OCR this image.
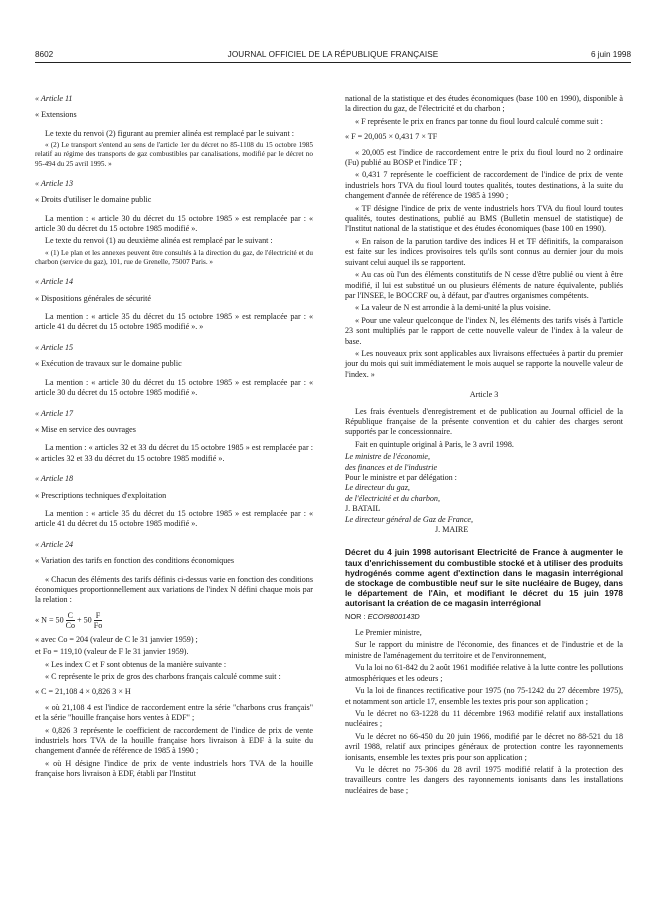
8602	JOURNAL OFFICIEL DE LA RÉPUBLIQUE FRANÇAISE	6 juin 1998

« Article 11

« Extensions

Le texte du renvoi (2) figurant au premier alinéa est remplacé par le suivant :

« (2) Le transport s'entend au sens de l'article 1er du décret no 85-1108 du 15 octobre 1985 relatif au régime des transports de gaz combustibles par canalisations, modifié par le décret no 95-494 du 25 avril 1995. »

« Article 13

« Droits d'utiliser le domaine public

La mention : « article 30 du décret du 15 octobre 1985 » est remplacée par : « article 30 du décret du 15 octobre 1985 modifié ».

Le texte du renvoi (1) au deuxième alinéa est remplacé par le suivant :

« (1) Le plan et les annexes peuvent être consultés à la direction du gaz, de l'électricité et du charbon (service du gaz), 101, rue de Grenelle, 75007 Paris. »

« Article 14

« Dispositions générales de sécurité

La mention : « article 35 du décret du 15 octobre 1985 » est remplacée par : « article 41 du décret du 15 octobre 1985 modifié ». »

« Article 15

« Exécution de travaux sur le domaine public

La mention : « article 30 du décret du 15 octobre 1985 » est remplacée par : « article 30 du décret du 15 octobre 1985 modifié ».

« Article 17

« Mise en service des ouvrages

La mention : « articles 32 et 33 du décret du 15 octobre 1985 » est remplacée par : « articles 32 et 33 du décret du 15 octobre 1985 modifié ».

« Article 18

« Prescriptions techniques d'exploitation

La mention : « article 35 du décret du 15 octobre 1985 » est remplacée par : « article 41 du décret du 15 octobre 1985 modifié ».

« Article 24

« Variation des tarifs en fonction des conditions économiques

« Chacun des éléments des tarifs définis ci-dessus varie en fonction des conditions économiques proportionnellement aux variations de l'index N défini chaque mois par la relation :

« $N = 50 \frac{C}{Co} + 50 \frac{F}{Fo}$

« avec Co = 204 (valeur de C le 31 janvier 1959) ;

et Fo = 119,10 (valeur de F le 31 janvier 1959).

« Les index C et F sont obtenus de la manière suivante :

« C représente le prix de gros des charbons français calculé comme suit :

« C = 21,108 4 × 0,826 3 × H

« où 21,108 4 est l'indice de raccordement entre la série "charbons crus français" et la série "houille française hors ventes à EDF" ;

« 0,826 3 représente le coefficient de raccordement de l'indice de prix de vente industriels hors TVA de la houille française hors livraison à EDF à la suite du changement d'année de référence de 1985 à 1990 ;

« où H désigne l'indice de prix de vente industriels hors TVA de la houille française hors livraison à EDF, établi par l'Institut

national de la statistique et des études économiques (base 100 en 1990), disponible à la direction du gaz, de l'électricité et du charbon ;

« F représente le prix en francs par tonne du fioul lourd calculé comme suit :

« F = 20,005 × 0,431 7 × TF

« 20,005 est l'indice de raccordement entre le prix du fioul lourd no 2 ordinaire (Fu) publié au BOSP et l'indice TF ;

« 0,431 7 représente le coefficient de raccordement de l'indice de prix de vente industriels hors TVA du fioul lourd toutes qualités, toutes destinations, à la suite du changement d'année de référence de 1985 à 1990 ;

« TF désigne l'indice de prix de vente industriels hors TVA du fioul lourd toutes qualités, toutes destinations, publié au BMS (Bulletin mensuel de statistique) de l'Institut national de la statistique et des études économiques (base 100 en 1990).

« En raison de la parution tardive des indices H et TF définitifs, la comparaison est faite sur les indices provisoires tels qu'ils sont connus au dernier jour du mois suivant celui auquel ils se rapportent.

« Au cas où l'un des éléments constitutifs de N cesse d'être publié ou vient à être modifié, il lui est substitué un ou plusieurs éléments de nature équivalente, publiés par l'INSEE, le BOCCRF ou, à défaut, par d'autres organismes compétents.

« La valeur de N est arrondie à la demi-unité la plus voisine.

« Pour une valeur quelconque de l'index N, les éléments des tarifs visés à l'article 23 sont multipliés par le rapport de cette nouvelle valeur de l'index à la valeur de base.

« Les nouveaux prix sont applicables aux livraisons effectuées à partir du premier jour du mois qui suit immédiatement le mois auquel se rapporte la nouvelle valeur de l'index. »

Article 3

Les frais éventuels d'enregistrement et de publication au Journal officiel de la République française de la présente convention et du cahier des charges seront supportés par le concessionnaire.

Fait en quintuple original à Paris, le 3 avril 1998.

Le ministre de l'économie,

des finances et de l'industrie

Pour le ministre et par délégation :

Le directeur du gaz,

de l'électricité et du charbon,

J. BATAIL

Le directeur général de Gaz de France,

J. MAIRE

Décret du 4 juin 1998 autorisant Electricité de France à augmenter le taux d'enrichissement du combustible stocké et à utiliser des produits hydrogénés comme agent d'extinction dans le magasin interrégional de stockage de combustible neuf sur le site nucléaire de Bugey, dans le département de l'Ain, et modifiant le décret du 15 juin 1978 autorisant la création de ce magasin interrégional

NOR : ECOI9800143D

Le Premier ministre,

Sur le rapport du ministre de l'économie, des finances et de l'industrie et de la ministre de l'aménagement du territoire et de l'environnement,

Vu la loi no 61-842 du 2 août 1961 modifiée relative à la lutte contre les pollutions atmosphériques et les odeurs ;

Vu la loi de finances rectificative pour 1975 (no 75-1242 du 27 décembre 1975), et notamment son article 17, ensemble les textes pris pour son application ;

Vu le décret no 63-1228 du 11 décembre 1963 modifié relatif aux installations nucléaires ;

Vu le décret no 66-450 du 20 juin 1966, modifié par le décret no 88-521 du 18 avril 1988, relatif aux principes généraux de protection contre les rayonnements ionisants, ensemble les textes pris pour son application ;

Vu le décret no 75-306 du 28 avril 1975 modifié relatif à la protection des travailleurs contre les dangers des rayonnements ionisants dans les installations nucléaires de base ;
